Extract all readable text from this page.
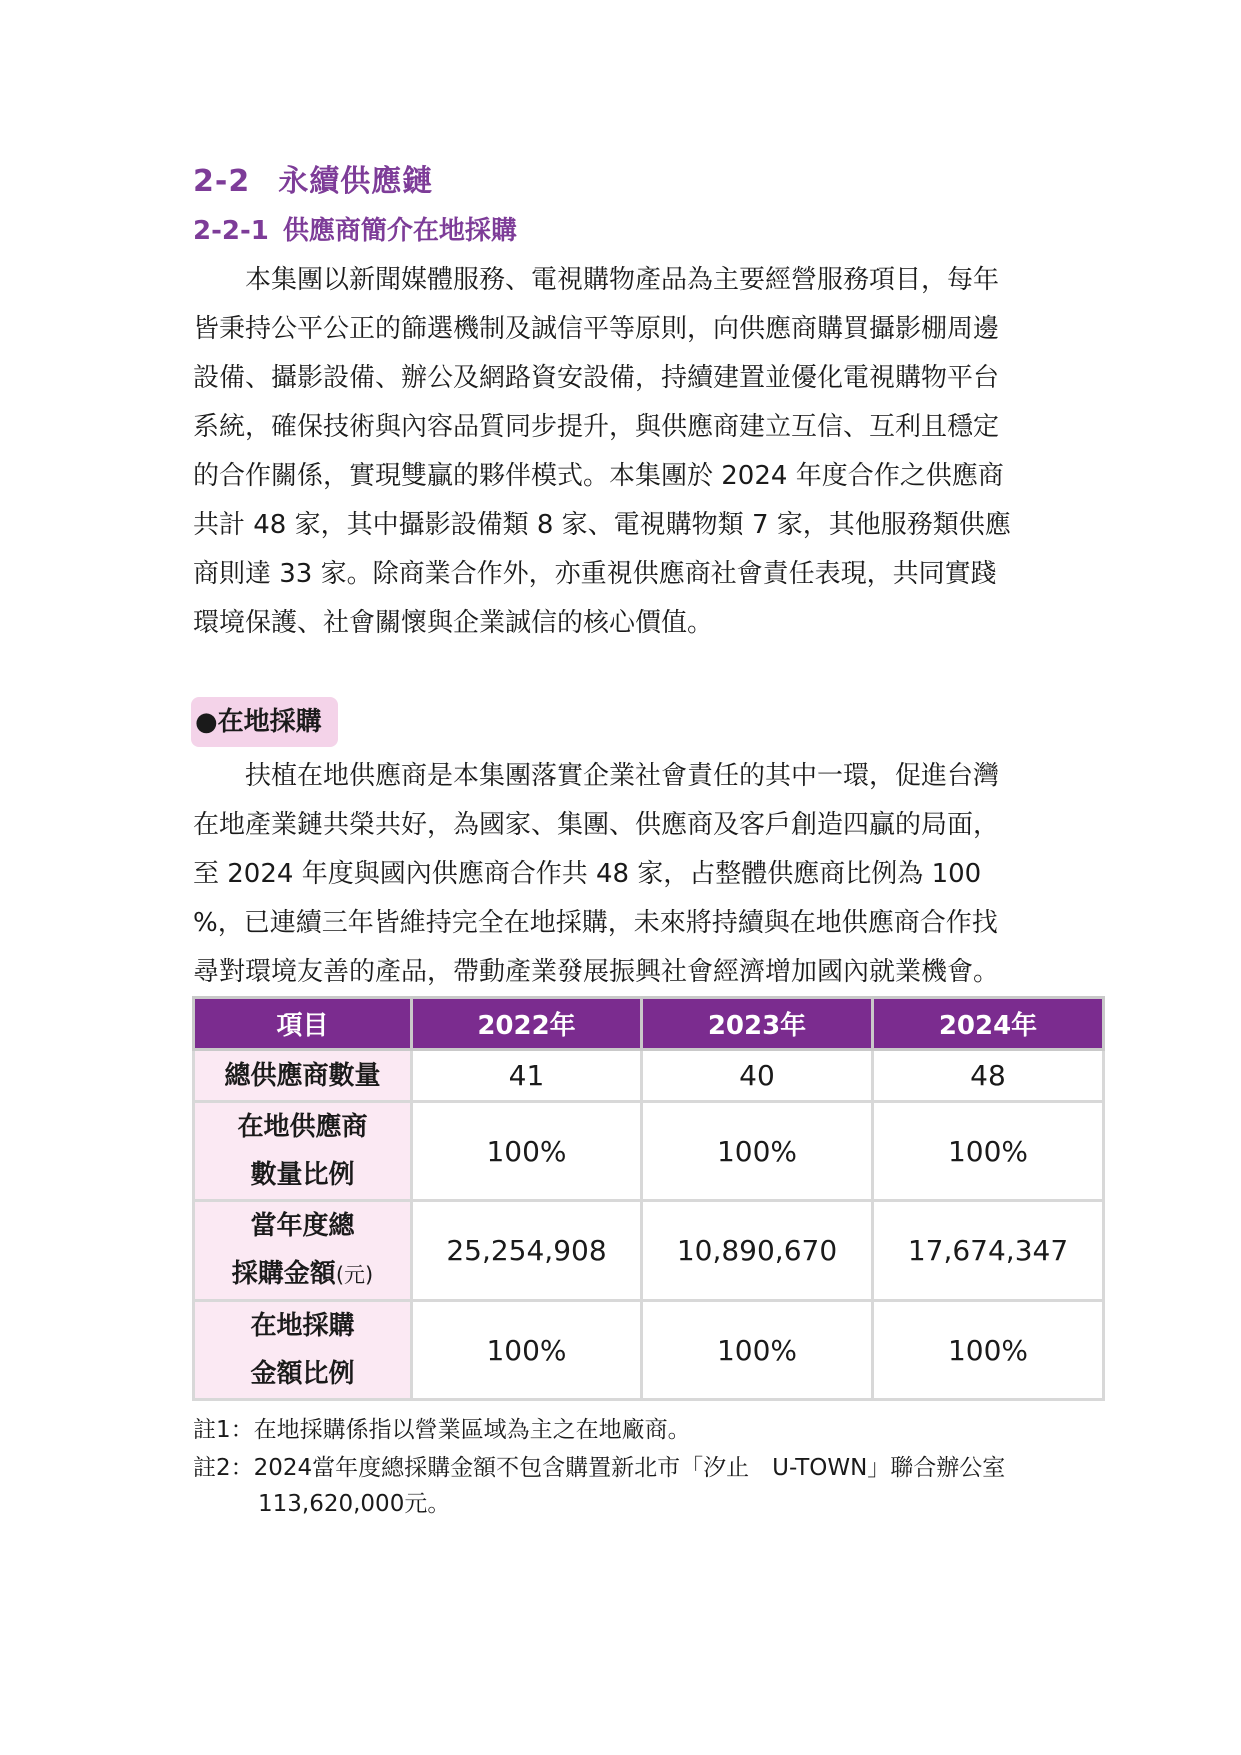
2-2 永續供應鏈
2-2-1 供應商簡介在地採購

　　本集團以新聞媒體服務、電視購物產品為主要經營服務項目，每年
皆秉持公平公正的篩選機制及誠信平等原則，向供應商購買攝影棚周邊
設備、攝影設備、辦公及網路資安設備，持續建置並優化電視購物平台
系統，確保技術與內容品質同步提升，與供應商建立互信、互利且穩定
的合作關係，實現雙贏的夥伴模式。本集團於 2024 年度合作之供應商
共計 48 家，其中攝影設備類 8 家、電視購物類 7 家，其他服務類供應
商則達 33 家。除商業合作外，亦重視供應商社會責任表現，共同實踐
環境保護、社會關懷與企業誠信的核心價值。

●在地採購

　　扶植在地供應商是本集團落實企業社會責任的其中一環，促進台灣
在地產業鏈共榮共好，為國家、集團、供應商及客戶創造四贏的局面，
至 2024 年度與國內供應商合作共 48 家，占整體供應商比例為 100
%，已連續三年皆維持完全在地採購，未來將持續與在地供應商合作找
尋對環境友善的產品，帶動產業發展振興社會經濟增加國內就業機會。

項目	2022年	2023年	2024年
總供應商數量	41	40	48
在地供應商
數量比例	100%	100%	100%
當年度總
採購金額(元)	25,254,908	10,890,670	17,674,347
在地採購
金額比例	100%	100%	100%
註1：在地採購係指以營業區域為主之在地廠商。
註2：2024當年度總採購金額不包含購置新北市「汐止　U-TOWN」聯合辦公室
113,620,000元。
